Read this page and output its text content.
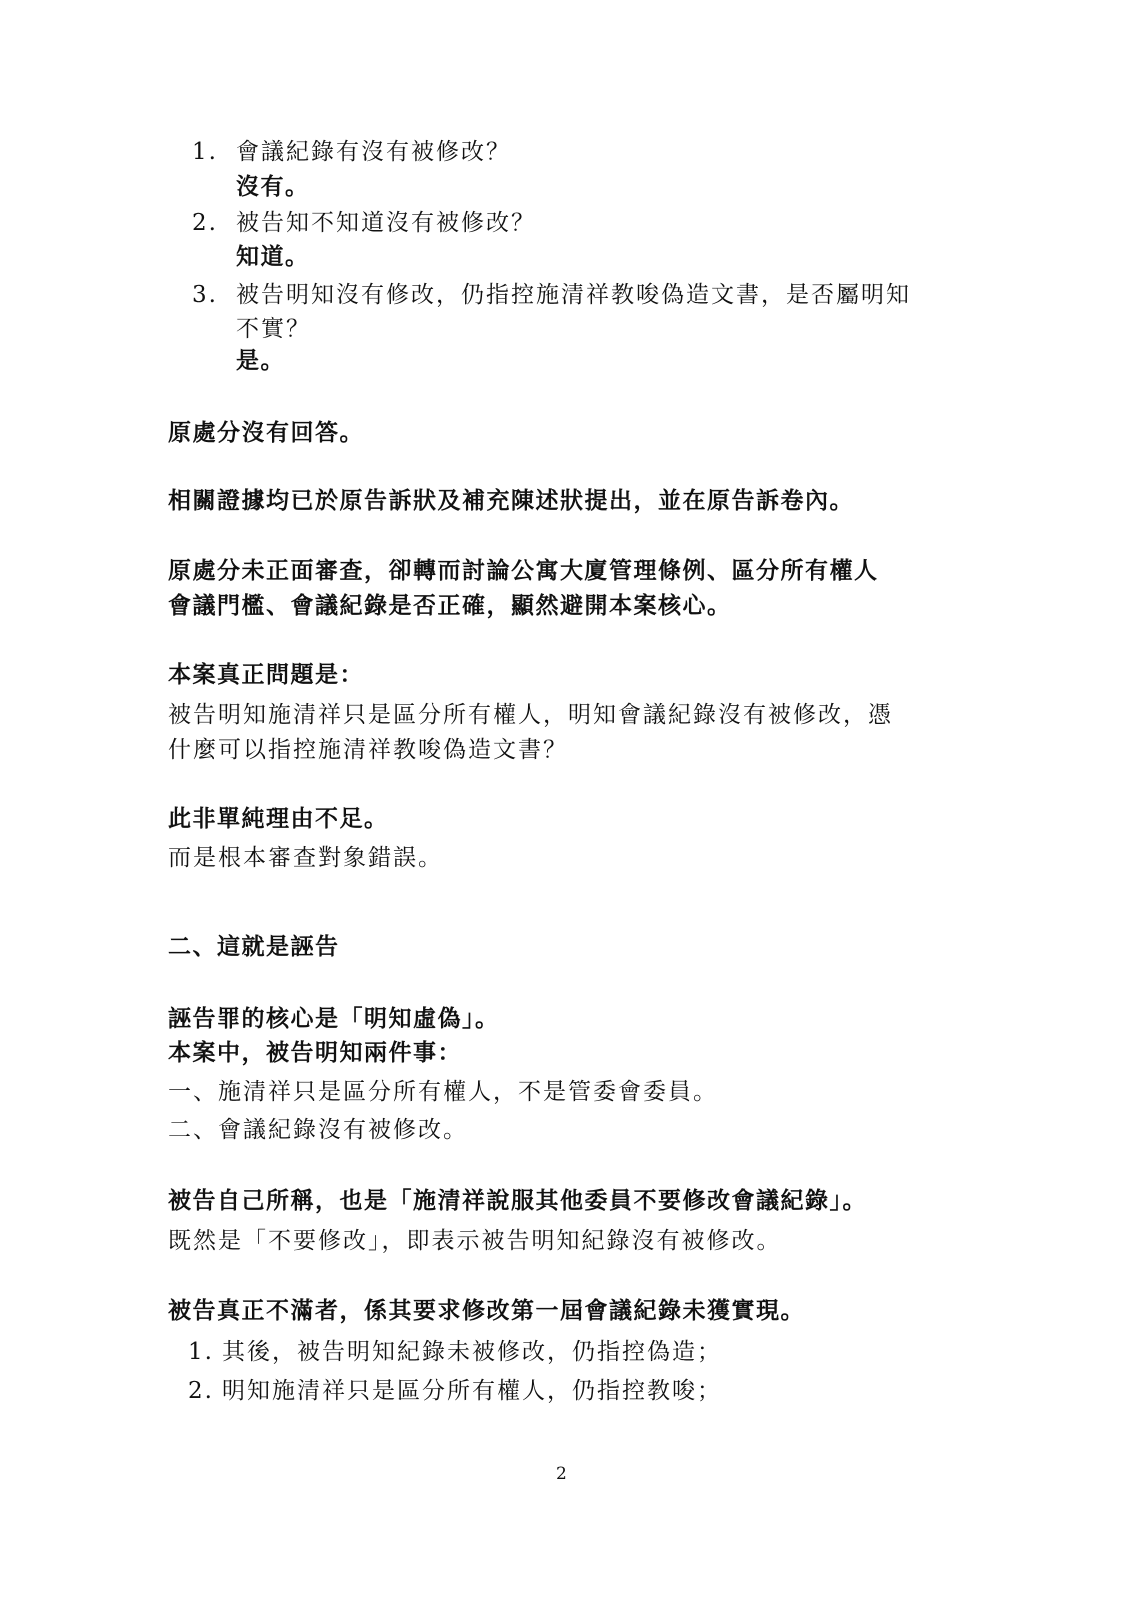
1. 會議紀錄有沒有被修改？

沒有。

2. 被告知不知道沒有被修改？

知道。

3. 被告明知沒有修改，仍指控施清祥教唆偽造文書，是否屬明知

不實？

是。

原處分沒有回答。

相關證據均已於原告訴狀及補充陳述狀提出，並在原告訴卷內。

原處分未正面審查，卻轉而討論公寓大廈管理條例、區分所有權人

會議門檻、會議紀錄是否正確，顯然避開本案核心。

本案真正問題是：

被告明知施清祥只是區分所有權人，明知會議紀錄沒有被修改，憑

什麼可以指控施清祥教唆偽造文書？

此非單純理由不足。

而是根本審查對象錯誤。

二、這就是誣告

誣告罪的核心是「明知虛偽」。

本案中，被告明知兩件事：

一、施清祥只是區分所有權人，不是管委會委員。

二、會議紀錄沒有被修改。

被告自己所稱，也是「施清祥說服其他委員不要修改會議紀錄」。

既然是「不要修改」，即表示被告明知紀錄沒有被修改。

被告真正不滿者，係其要求修改第一屆會議紀錄未獲實現。

1. 其後，被告明知紀錄未被修改，仍指控偽造；

2. 明知施清祥只是區分所有權人，仍指控教唆；

2
